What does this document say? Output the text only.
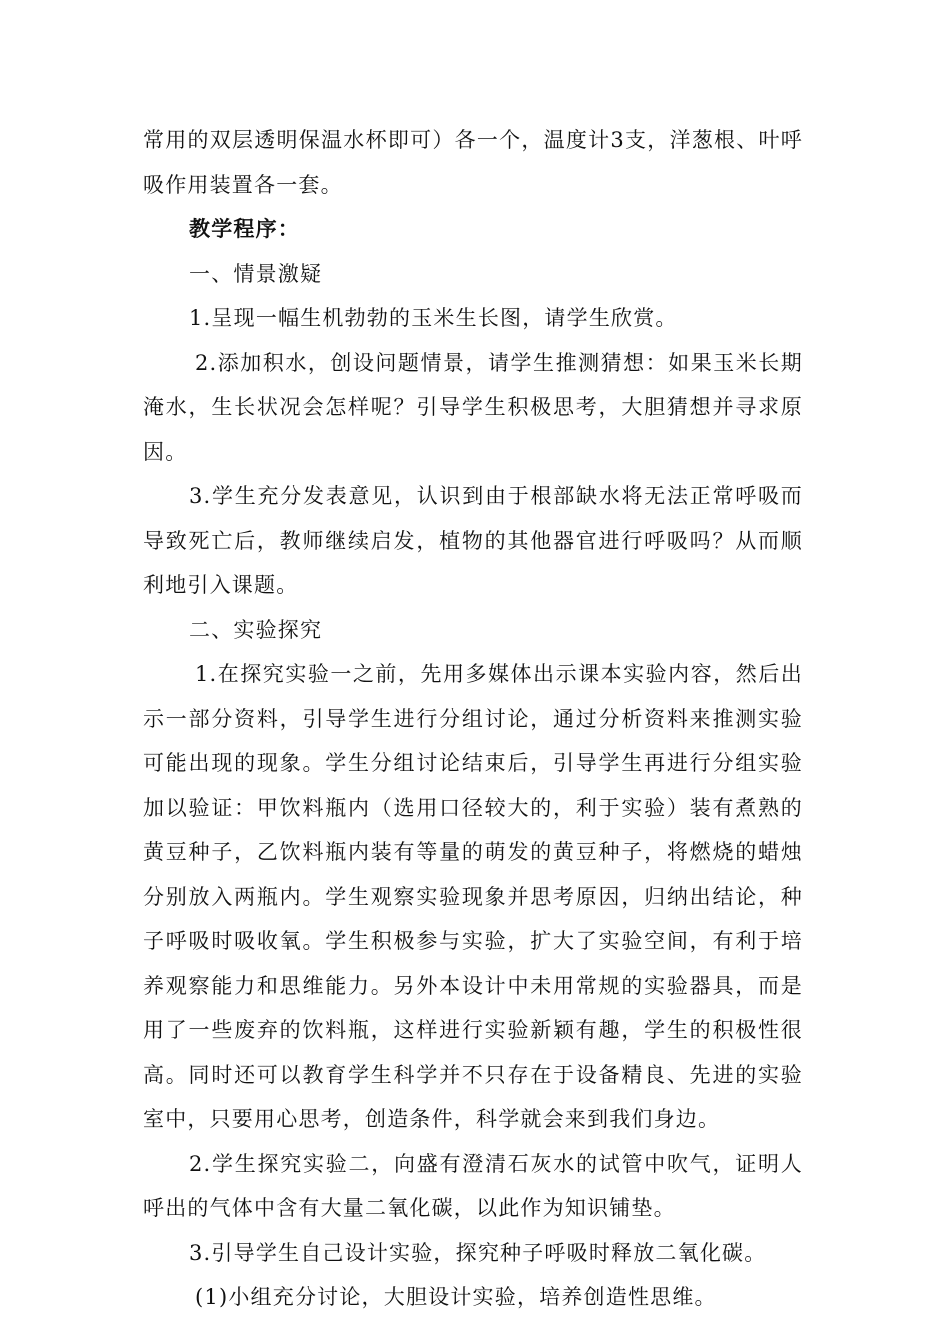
常用的双层透明保温水杯即可）各一个，温度计3支，洋葱根、叶呼吸作用装置各一套。

教学程序：

一、情景激疑

1.呈现一幅生机勃勃的玉米生长图，请学生欣赏。

2.添加积水，创设问题情景，请学生推测猜想：如果玉米长期淹水，生长状况会怎样呢？引导学生积极思考，大胆猜想并寻求原因。

3.学生充分发表意见，认识到由于根部缺水将无法正常呼吸而导致死亡后，教师继续启发，植物的其他器官进行呼吸吗？从而顺利地引入课题。

二、实验探究

1.在探究实验一之前，先用多媒体出示课本实验内容，然后出示一部分资料，引导学生进行分组讨论，通过分析资料来推测实验可能出现的现象。学生分组讨论结束后，引导学生再进行分组实验加以验证：甲饮料瓶内（选用口径较大的，利于实验）装有煮熟的黄豆种子，乙饮料瓶内装有等量的萌发的黄豆种子，将燃烧的蜡烛分别放入两瓶内。学生观察实验现象并思考原因，归纳出结论，种子呼吸时吸收氧。学生积极参与实验，扩大了实验空间，有利于培养观察能力和思维能力。另外本设计中未用常规的实验器具，而是用了一些废弃的饮料瓶，这样进行实验新颖有趣，学生的积极性很高。同时还可以教育学生科学并不只存在于设备精良、先进的实验室中，只要用心思考，创造条件，科学就会来到我们身边。

2.学生探究实验二，向盛有澄清石灰水的试管中吹气，证明人呼出的气体中含有大量二氧化碳，以此作为知识铺垫。

3.引导学生自己设计实验，探究种子呼吸时释放二氧化碳。

(1)小组充分讨论，大胆设计实验，培养创造性思维。
